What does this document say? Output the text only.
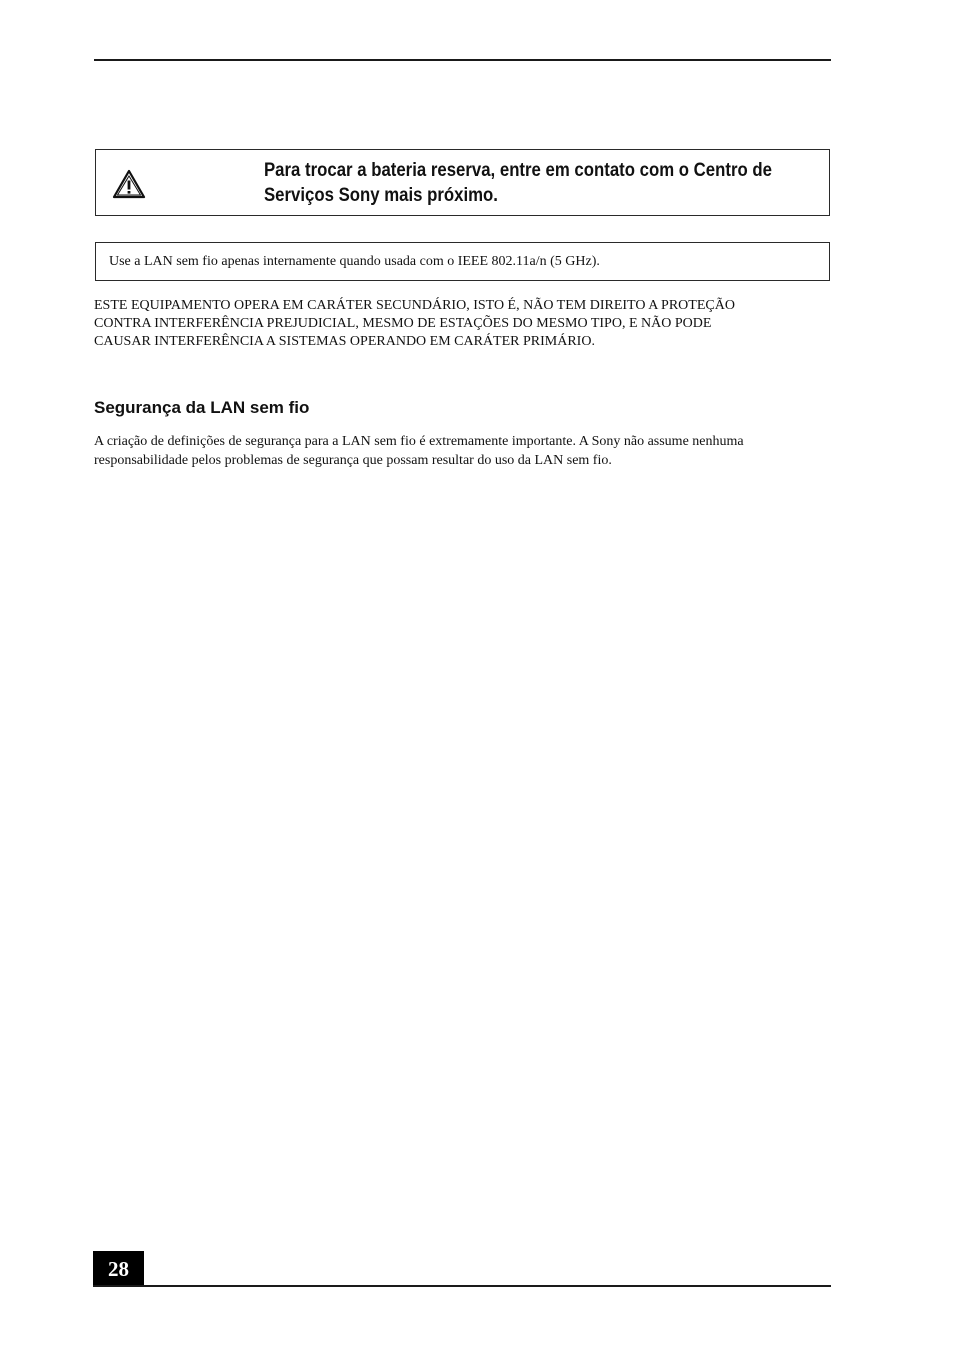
Para trocar a bateria reserva, entre em contato com o Centro de
Serviços Sony mais próximo.
Use a LAN sem fio apenas internamente quando usada com o IEEE 802.11a/n (5 GHz).
ESTE EQUIPAMENTO OPERA EM CARÁTER SECUNDÁRIO, ISTO É, NÃO TEM DIREITO A PROTEÇÃO
CONTRA INTERFERÊNCIA PREJUDICIAL, MESMO DE ESTAÇÕES DO MESMO TIPO, E NÃO PODE
CAUSAR INTERFERÊNCIA A SISTEMAS OPERANDO EM CARÁTER PRIMÁRIO.
Segurança da LAN sem fio
A criação de definições de segurança para a LAN sem fio é extremamente importante. A Sony não assume nenhuma
responsabilidade pelos problemas de segurança que possam resultar do uso da LAN sem fio.
28
